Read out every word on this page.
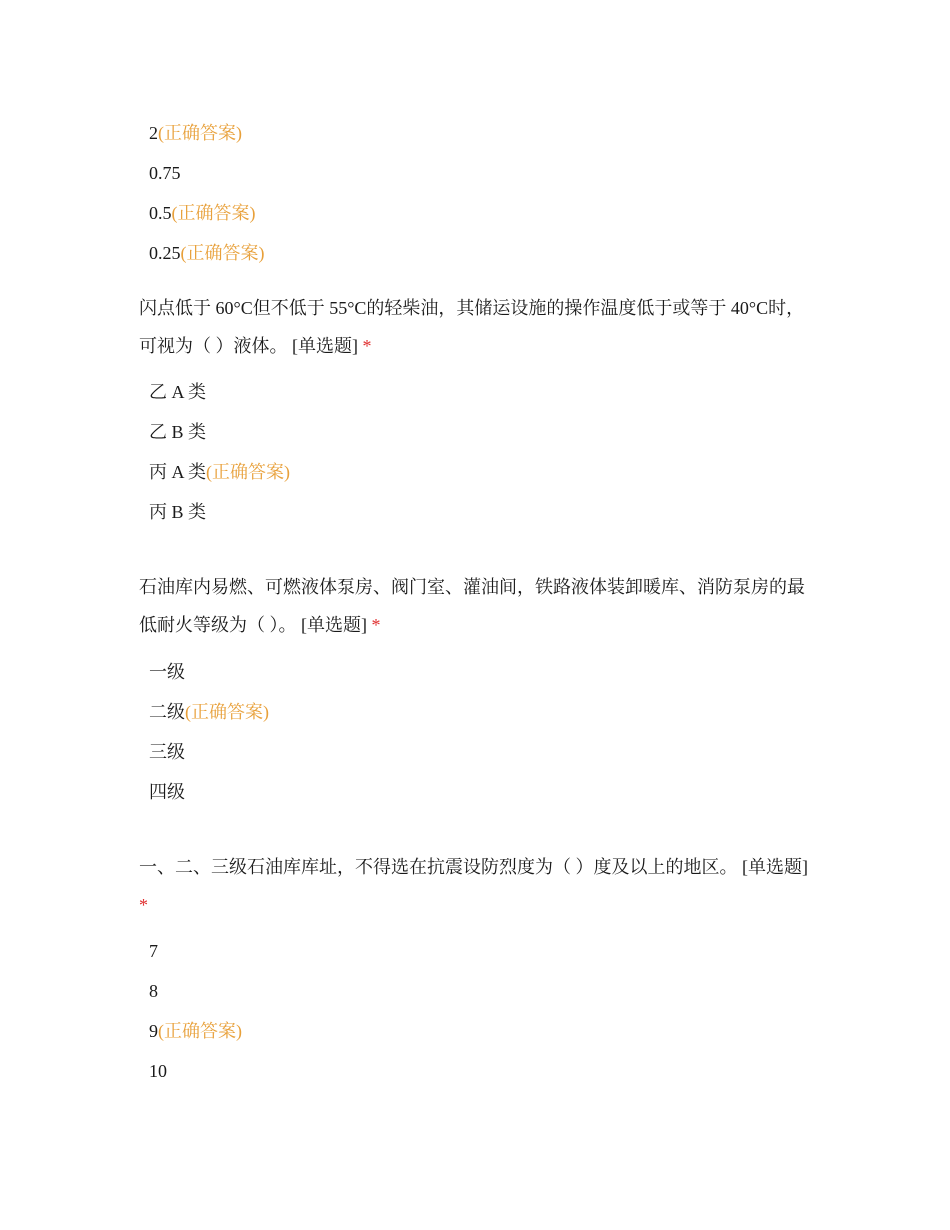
2(正确答案)
0.75
0.5(正确答案)
0.25(正确答案)
闪点低于 60°C但不低于 55°C的轻柴油，其储运设施的操作温度低于或等于 40°C时，可视为（ ）液体。 [单选题] *
乙 A 类
乙 B 类
丙 A 类(正确答案)
丙 B 类
石油库内易燃、可燃液体泵房、阀门室、灌油间，铁路液体装卸暖库、消防泵房的最低耐火等级为（ ）。 [单选题] *
一级
二级(正确答案)
三级
四级
一、二、三级石油库库址，不得选在抗震设防烈度为（ ）度及以上的地区。 [单选题] *
7
8
9(正确答案)
10
